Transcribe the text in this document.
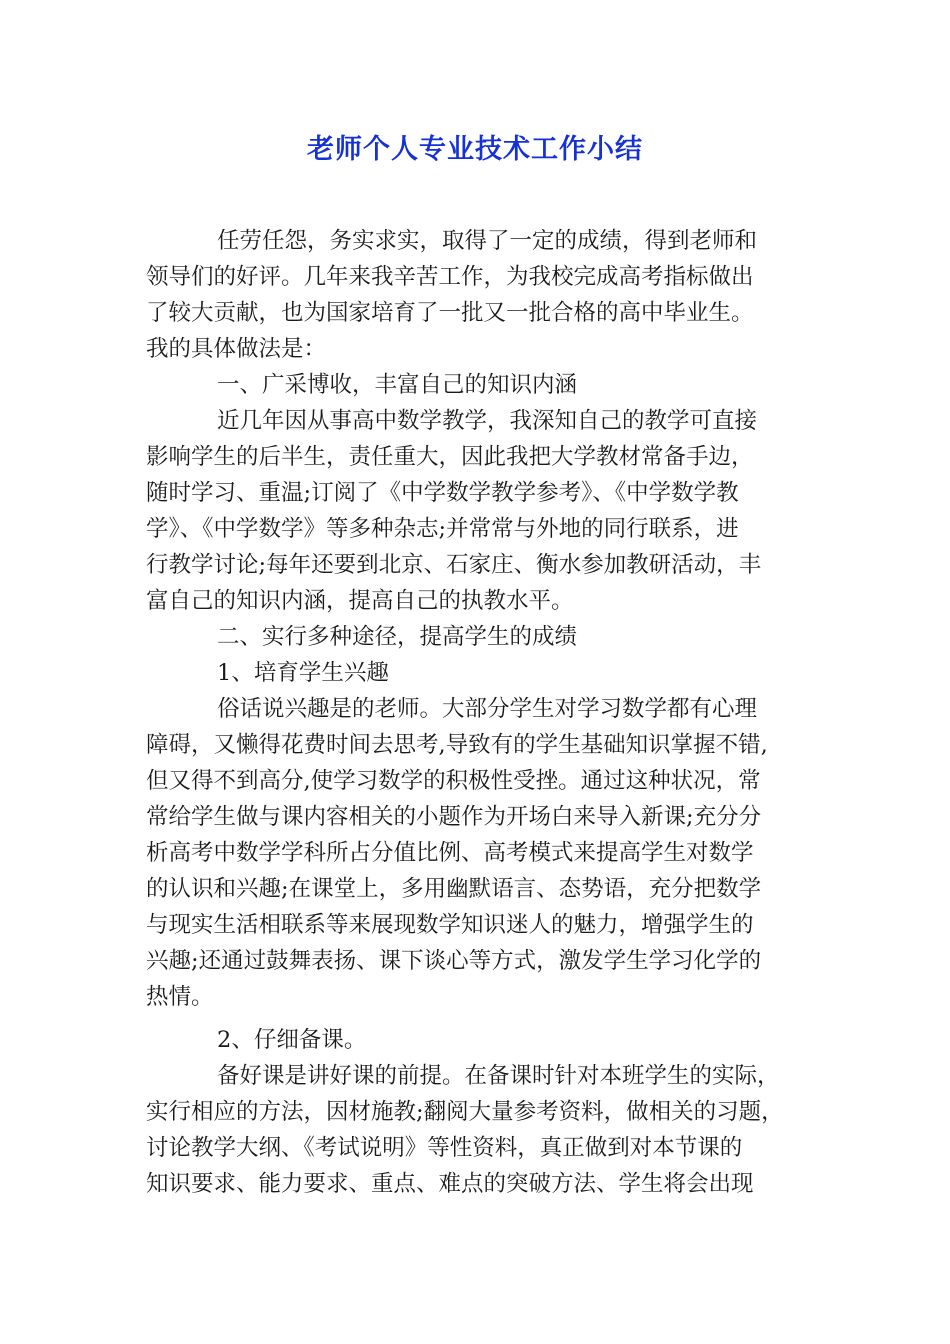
老师个人专业技术工作小结
任劳任怨，务实求实，取得了一定的成绩，得到老师和
领导们的好评。几年来我辛苦工作，为我校完成高考指标做出
了较大贡献，也为国家培育了一批又一批合格的高中毕业生。
我的具体做法是：
一、广采博收，丰富自己的知识内涵
近几年因从事高中数学教学，我深知自己的教学可直接
影响学生的后半生，责任重大，因此我把大学教材常备手边，
随时学习、重温;订阅了《中学数学教学参考》、《中学数学教
学》、《中学数学》等多种杂志;并常常与外地的同行联系，进
行教学讨论;每年还要到北京、石家庄、衡水参加教研活动，丰
富自己的知识内涵，提高自己的执教水平。
二、实行多种途径，提高学生的成绩
1、培育学生兴趣
俗话说兴趣是的老师。大部分学生对学习数学都有心理
障碍，又懒得花费时间去思考,导致有的学生基础知识掌握不错,
但又得不到高分,使学习数学的积极性受挫。通过这种状况，常
常给学生做与课内容相关的小题作为开场白来导入新课;充分分
析高考中数学学科所占分值比例、高考模式来提高学生对数学
的认识和兴趣;在课堂上，多用幽默语言、态势语，充分把数学
与现实生活相联系等来展现数学知识迷人的魅力，增强学生的
兴趣;还通过鼓舞表扬、课下谈心等方式，激发学生学习化学的
热情。
2、仔细备课。
备好课是讲好课的前提。在备课时针对本班学生的实际，
实行相应的方法，因材施教;翻阅大量参考资料，做相关的习题，
讨论教学大纲、《考试说明》等性资料，真正做到对本节课的
知识要求、能力要求、重点、难点的突破方法、学生将会出现
